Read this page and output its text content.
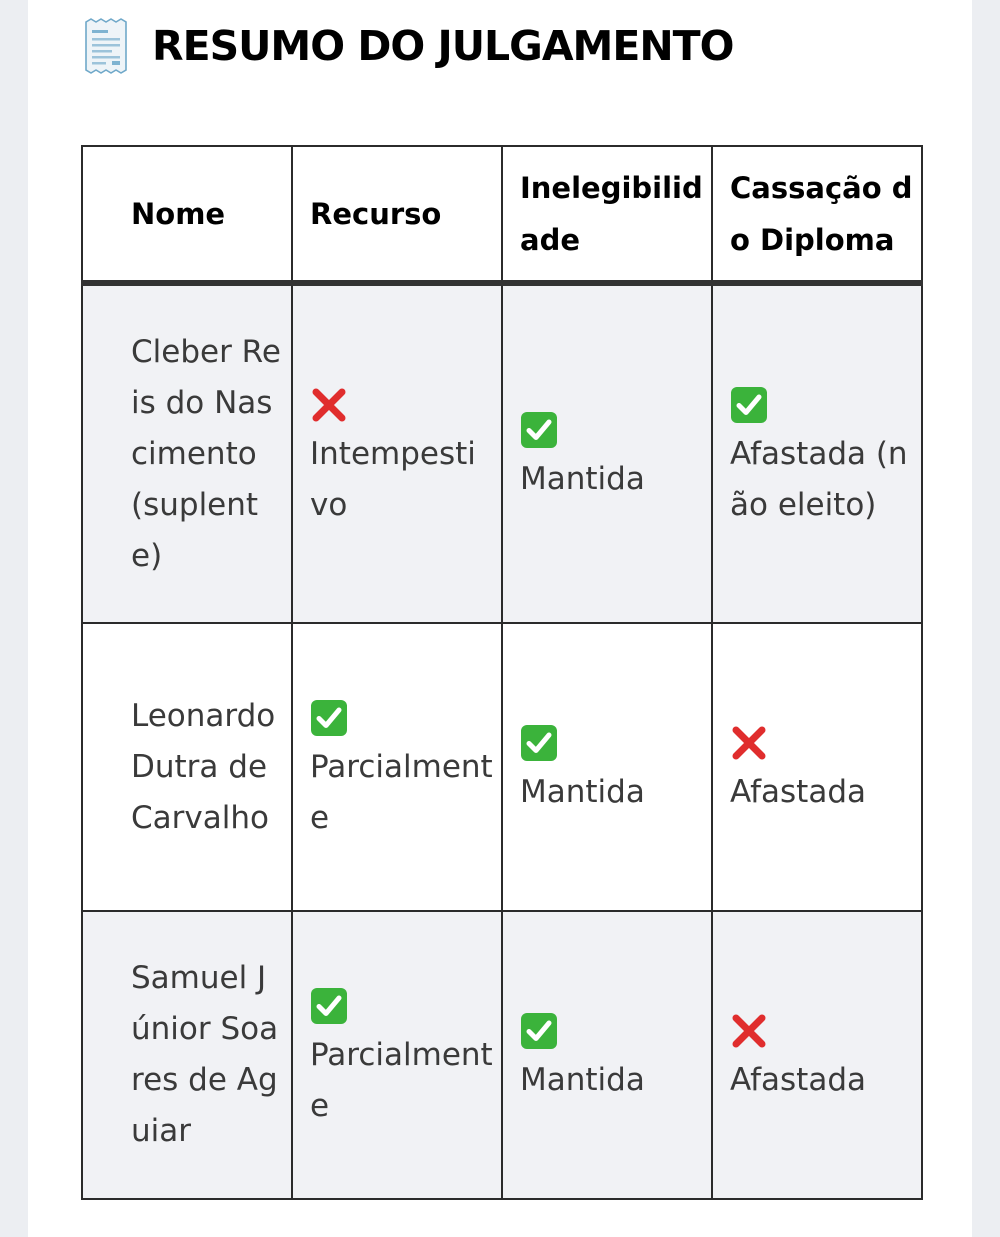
RESUMO DO JULGAMENTO
Nome	Recurso	Inelegibilidade	Cassação do Diploma
Cleber Reis do Nascimento (suplente)	Intempestivo	Mantida	Afastada (não eleito)

Leonardo Dutra de Carvalho	Parcialmente	Mantida	Afastada

Samuel Júnior Soares de Aguiar	Parcialmente	Mantida	Afastada
